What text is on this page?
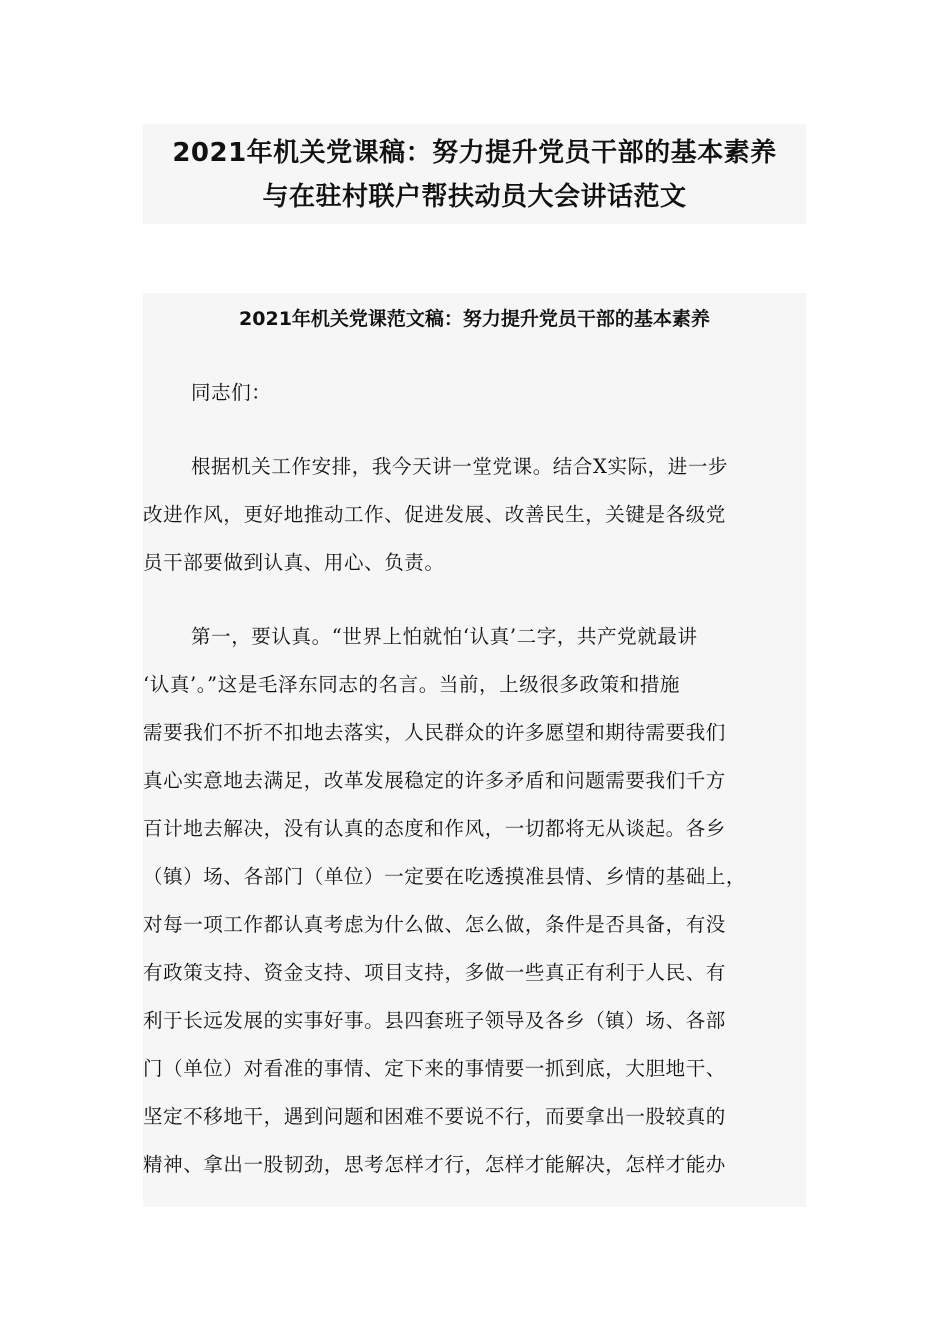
2021年机关党课稿：努力提升党员干部的基本素养
与在驻村联户帮扶动员大会讲话范文
2021年机关党课范文稿：努力提升党员干部的基本素养
同志们：
根据机关工作安排，我今天讲一堂党课。结合X实际，进一步
改进作风，更好地推动工作、促进发展、改善民生，关键是各级党
员干部要做到认真、用心、负责。
第一，要认真。“世界上怕就怕‘认真’二字，共产党就最讲
‘认真’。”这是毛泽东同志的名言。当前，上级很多政策和措施
需要我们不折不扣地去落实，人民群众的许多愿望和期待需要我们
真心实意地去满足，改革发展稳定的许多矛盾和问题需要我们千方
百计地去解决，没有认真的态度和作风，一切都将无从谈起。各乡
（镇）场、各部门（单位）一定要在吃透摸准县情、乡情的基础上，
对每一项工作都认真考虑为什么做、怎么做，条件是否具备，有没
有政策支持、资金支持、项目支持，多做一些真正有利于人民、有
利于长远发展的实事好事。县四套班子领导及各乡（镇）场、各部
门（单位）对看准的事情、定下来的事情要一抓到底，大胆地干、
坚定不移地干，遇到问题和困难不要说不行，而要拿出一股较真的
精神、拿出一股韧劲，思考怎样才行，怎样才能解决，怎样才能办
